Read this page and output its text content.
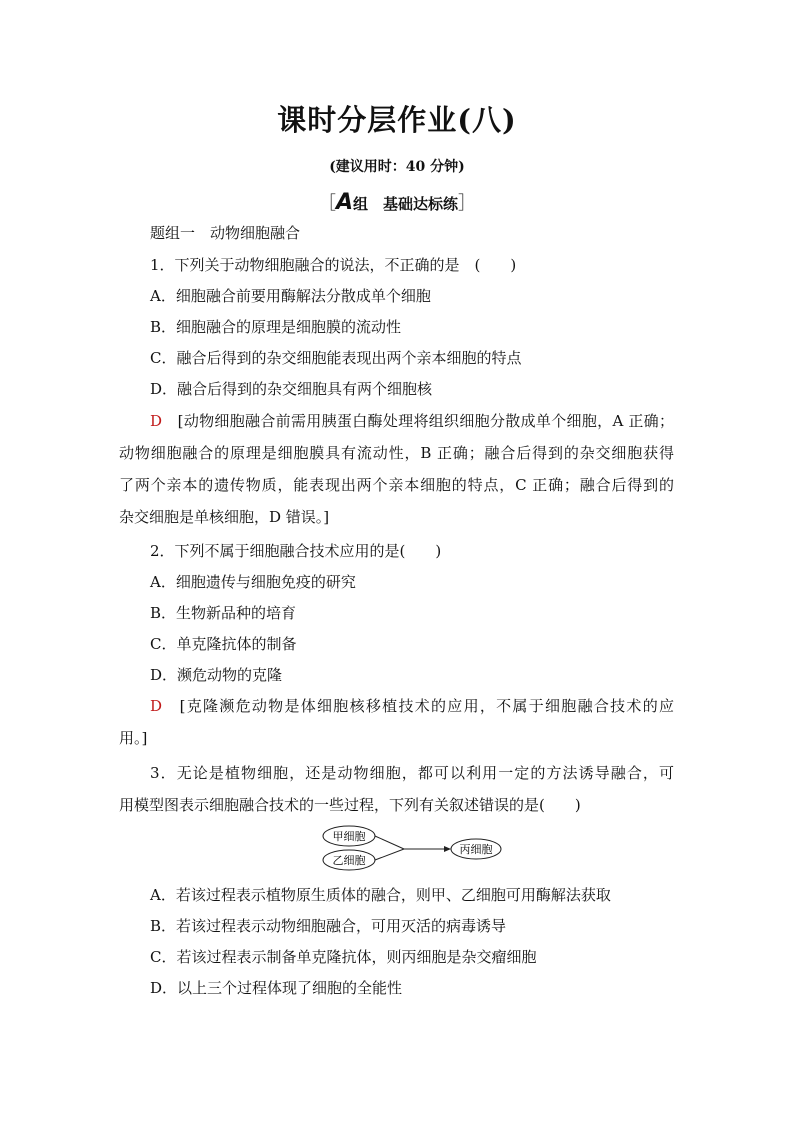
课时分层作业(八)
(建议用时：40 分钟)
［A组　基础达标练］
题组一　动物细胞融合
1．下列关于动物细胞融合的说法，不正确的是　(　　)
A．细胞融合前要用酶解法分散成单个细胞
B．细胞融合的原理是细胞膜的流动性
C．融合后得到的杂交细胞能表现出两个亲本细胞的特点
D．融合后得到的杂交细胞具有两个细胞核
D　 [动物细胞融合前需用胰蛋白酶处理将组织细胞分散成单个细胞，A 正确；
动物细胞融合的原理是细胞膜具有流动性，B 正确；融合后得到的杂交细胞获得
了两个亲本的遗传物质，能表现出两个亲本细胞的特点，C 正确；融合后得到的
杂交细胞是单核细胞，D 错误。]
2．下列不属于细胞融合技术应用的是(　　)
A．细胞遗传与细胞免疫的研究
B．生物新品种的培育
C．单克隆抗体的制备
D．濒危动物的克隆
D　 [克隆濒危动物是体细胞核移植技术的应用，不属于细胞融合技术的应
用。]
3．无论是植物细胞，还是动物细胞，都可以利用一定的方法诱导融合，可
用模型图表示细胞融合技术的一些过程，下列有关叙述错误的是(　　)
甲细胞
乙细胞
丙细胞
A．若该过程表示植物原生质体的融合，则甲、乙细胞可用酶解法获取
B．若该过程表示动物细胞融合，可用灭活的病毒诱导
C．若该过程表示制备单克隆抗体，则丙细胞是杂交瘤细胞
D．以上三个过程体现了细胞的全能性
